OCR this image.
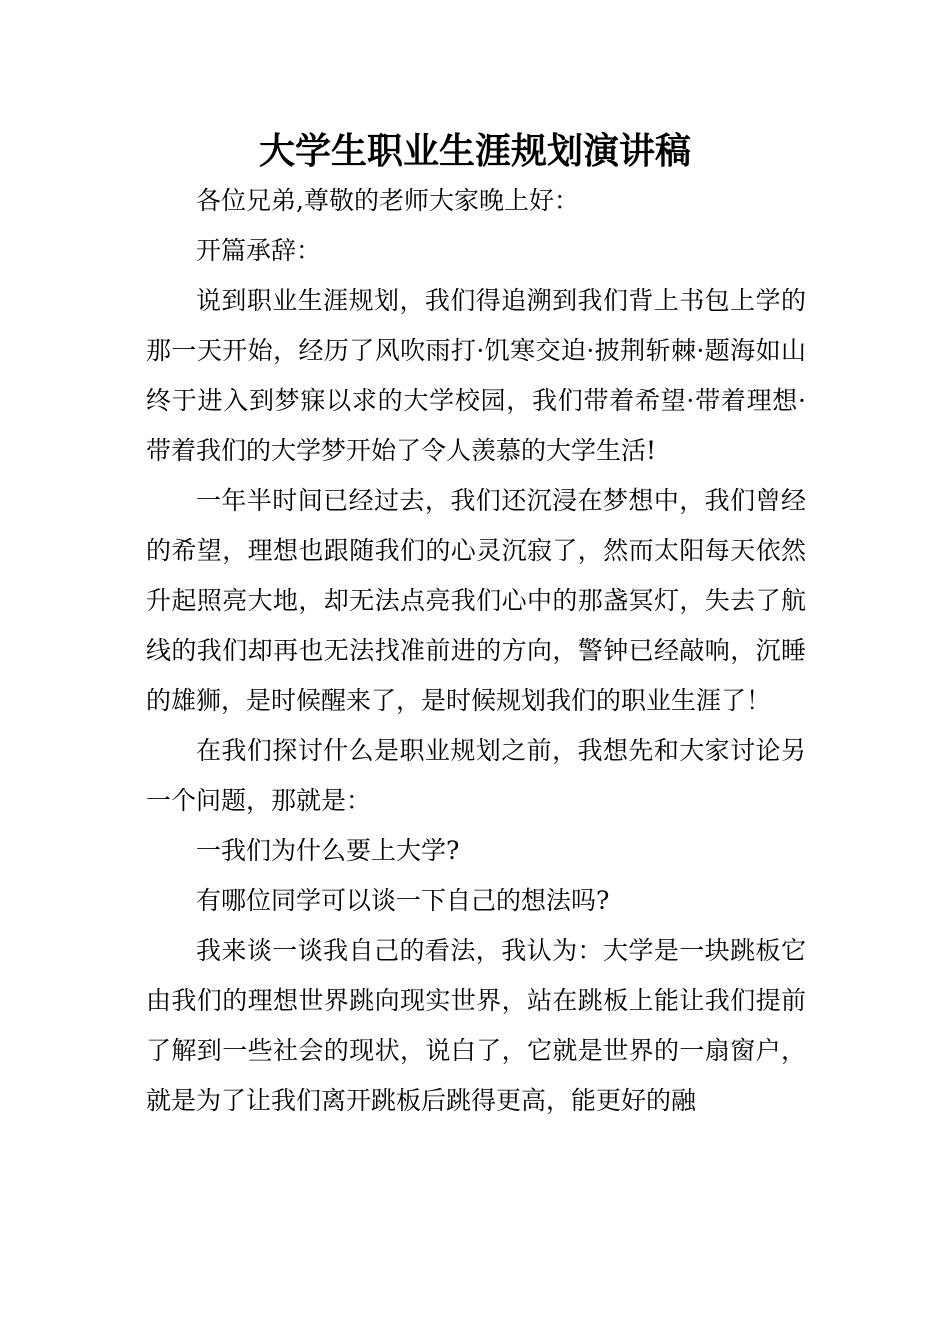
大学生职业生涯规划演讲稿

各位兄弟,尊敬的老师大家晚上好：

开篇承辞：

说到职业生涯规划，我们得追溯到我们背上书包上学的那一天开始，经历了风吹雨打·饥寒交迫·披荆斩棘·题海如山终于进入到梦寐以求的大学校园，我们带着希望·带着理想·带着我们的大学梦开始了令人羡慕的大学生活!

一年半时间已经过去，我们还沉浸在梦想中，我们曾经的希望，理想也跟随我们的心灵沉寂了，然而太阳每天依然升起照亮大地，却无法点亮我们心中的那盏冥灯，失去了航线的我们却再也无法找准前进的方向，警钟已经敲响，沉睡的雄狮，是时候醒来了，是时候规划我们的职业生涯了！

在我们探讨什么是职业规划之前，我想先和大家讨论另一个问题，那就是：

一我们为什么要上大学?

有哪位同学可以谈一下自己的想法吗?

我来谈一谈我自己的看法，我认为：大学是一块跳板它由我们的理想世界跳向现实世界，站在跳板上能让我们提前了解到一些社会的现状，说白了，它就是世界的一扇窗户，就是为了让我们离开跳板后跳得更高，能更好的融
